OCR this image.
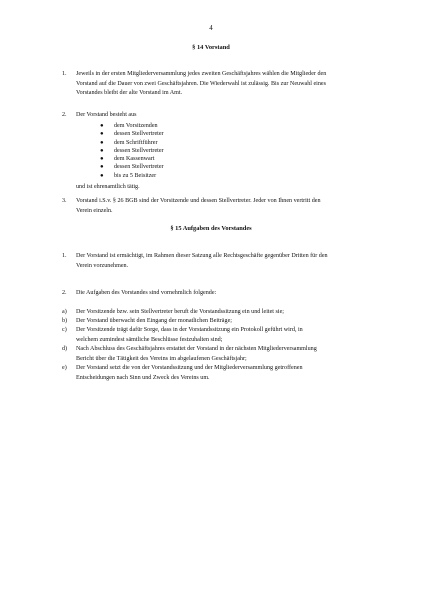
4
§ 14 Vorstand
1. Jeweils in der ersten Mitgliederversammlung jedes zweiten Geschäftsjahres wählen die Mitglieder den

Vorstand auf die Dauer von zwei Geschäftsjahren. Die Wiederwahl ist zulässig. Bis zur Neuwahl eines

Vorstandes bleibt der alte Vorstand im Amt.

2. Der Vorstand besteht aus

● dem Vorsitzenden
● dessen Stellvertreter
● dem Schriftführer
● dessen Stellvertreter
● dem Kassenwart
● dessen Stellvertreter
● bis zu 5 Beisitzer
und ist ehrenamtlich tätig.
3. Vorstand i.S.v. § 26 BGB sind der Vorsitzende und dessen Stellvertreter. Jeder von Ihnen vertritt den

Verein einzeln.

§ 15 Aufgaben des Vorstandes
1. Der Vorstand ist ermächtigt, im Rahmen dieser Satzung alle Rechtsgeschäfte gegenüber Dritten für den

Verein vorzunehmen.

2. Die Aufgaben des Vorstandes sind vornehmlich folgende:

a) Der Vorsitzende bzw. sein Stellvertreter beruft die Vorstandssitzung ein und leitet sie;
b) Der Vorstand überwacht den Eingang der monatlichen Beiträge;
c) Der Vorsitzende trägt dafür Sorge, dass in der Vorstandssitzung ein Protokoll geführt wird, in
welchem zumindest sämtliche Beschlüsse festzuhalten sind;
d) Nach Abschluss des Geschäftsjahres erstattet der Vorstand in der nächsten Mitgliederversammlung
Bericht über die Tätigkeit des Vereins im abgelaufenen Geschäftsjahr;
e) Der Vorstand setzt die von der Vorstandssitzung und der Mitgliederversammlung getroffenen
Entscheidungen nach Sinn und Zweck des Vereins um.
